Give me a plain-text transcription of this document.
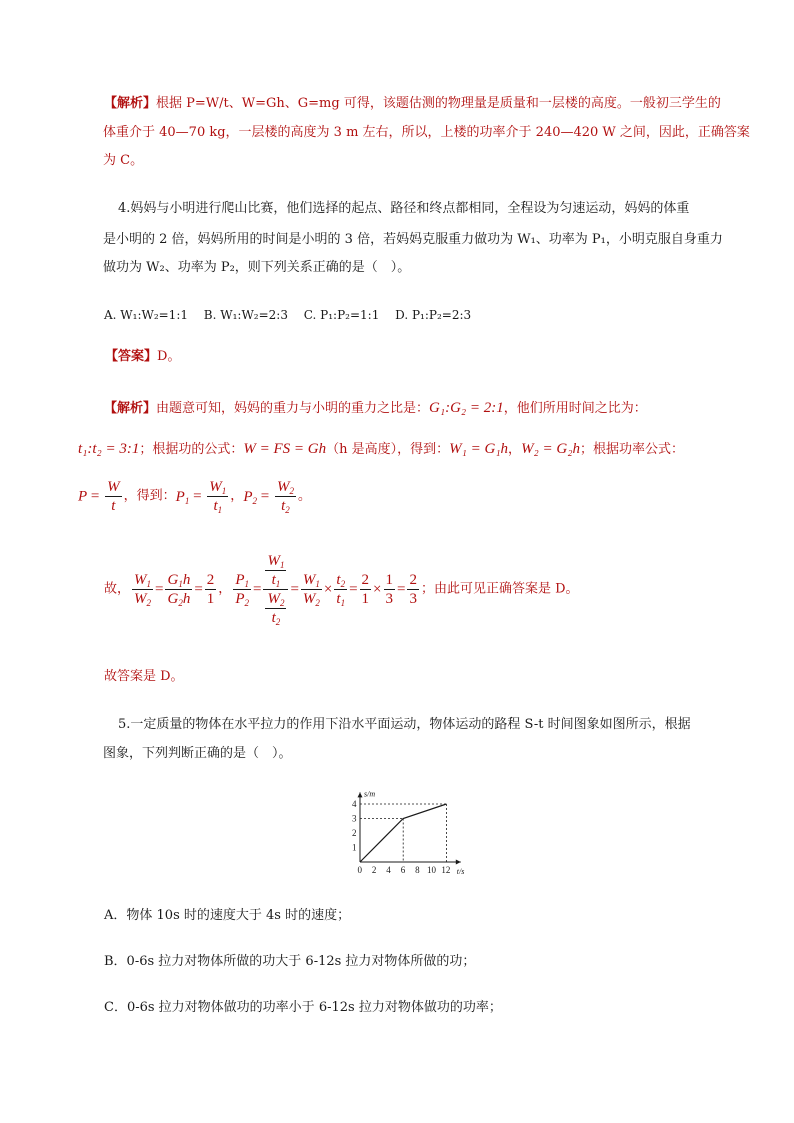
【解析】根据 P=W/t、W=Gh、G=mg 可得，该题估测的物理量是质量和一层楼的高度。一般初三学生的
体重介于 40—70 kg，一层楼的高度为 3 m 左右，所以，上楼的功率介于 240—420 W 之间，因此，正确答案
为 C。
4.妈妈与小明进行爬山比赛，他们选择的起点、路径和终点都相同，全程设为匀速运动，妈妈的体重
是小明的 2 倍，妈妈所用的时间是小明的 3 倍，若妈妈克服重力做功为 W₁、功率为 P₁，小明克服自身重力
做功为 W₂、功率为 P₂，则下列关系正确的是（　）。
A. W₁:W₂=1:1　 B. W₁:W₂=2:3　 C. P₁:P₂=1:1　 D. P₁:P₂=2:3
【答案】D。
【解析】由题意可知，妈妈的重力与小明的重力之比是：G₁:G₂ = 2:1，他们所用时间之比为：
t₁:t₂ = 3:1；根据功的公式：W = FS = Gh（h 是高度），得到：W₁ = G₁h，W₂ = G₂h；根据功率公式：
$P = \frac{W}{t}$ ，得到：$P_1 = \frac{W_1}{t_1}$ ，$P_2 = \frac{W_2}{t_2}$ 。
故， $\frac{W_1}{W_2} = \frac{G_1h}{G_2h} = \frac{2}{1}$ ， $\frac{P_1}{P_2} = \frac{\frac{W_1}{t_1}}{\frac{W_2}{t_2}} = \frac{W_1}{W_2} \times \frac{t_2}{t_1} = \frac{2}{1} \times \frac{1}{3} = \frac{2}{3}$ ；由此可见正确答案是 D。
故答案是 D。
5.一定质量的物体在水平拉力的作用下沿水平面运动，物体运动的路程 S-t 时间图象如图所示，根据
图象，下列判断正确的是（　）。
s/m
t/s
0 2 4 6 8 10 12
1
2
3
4
A．物体 10s 时的速度大于 4s 时的速度；
B．0-6s 拉力对物体所做的功大于 6-12s 拉力对物体所做的功；
C．0-6s 拉力对物体做功的功率小于 6-12s 拉力对物体做功的功率；
